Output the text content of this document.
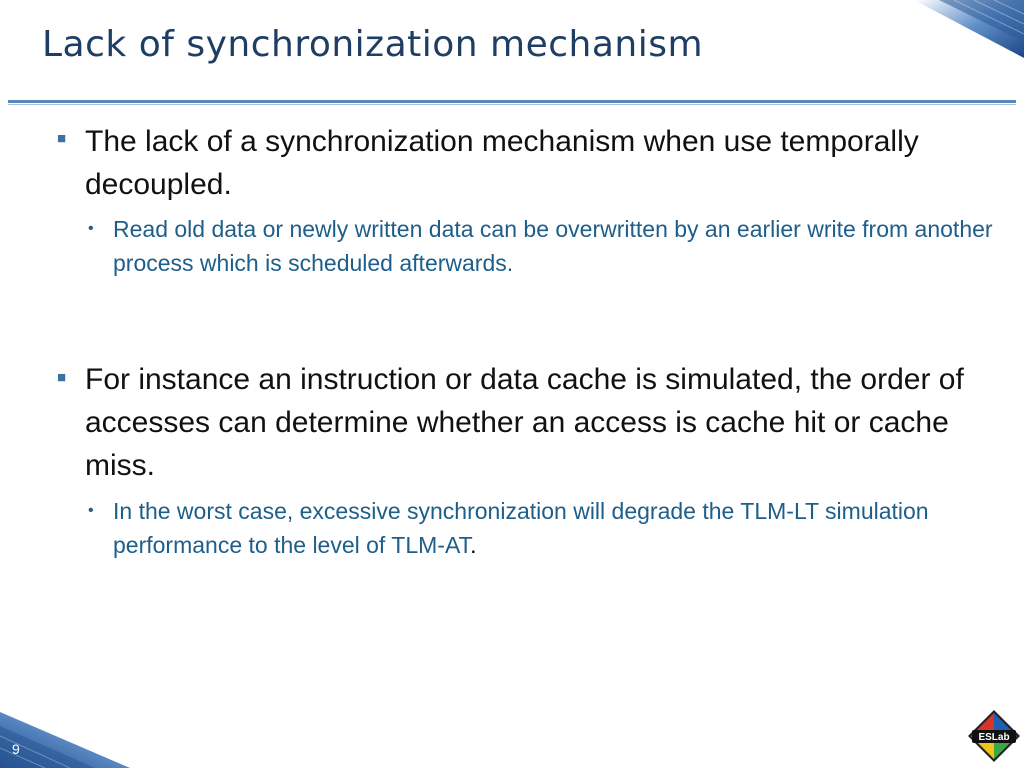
Lack of synchronization mechanism
■ The lack of a synchronization mechanism when use temporally decoupled.
• Read old data or newly written data can be overwritten by an earlier write from another process which is scheduled afterwards.
■ For instance an instruction or data cache is simulated, the order of accesses can determine whether an access is cache hit or cache miss.
• In the worst case, excessive synchronization will degrade the TLM-LT simulation performance to the level of TLM-AT.
9
ESLab
